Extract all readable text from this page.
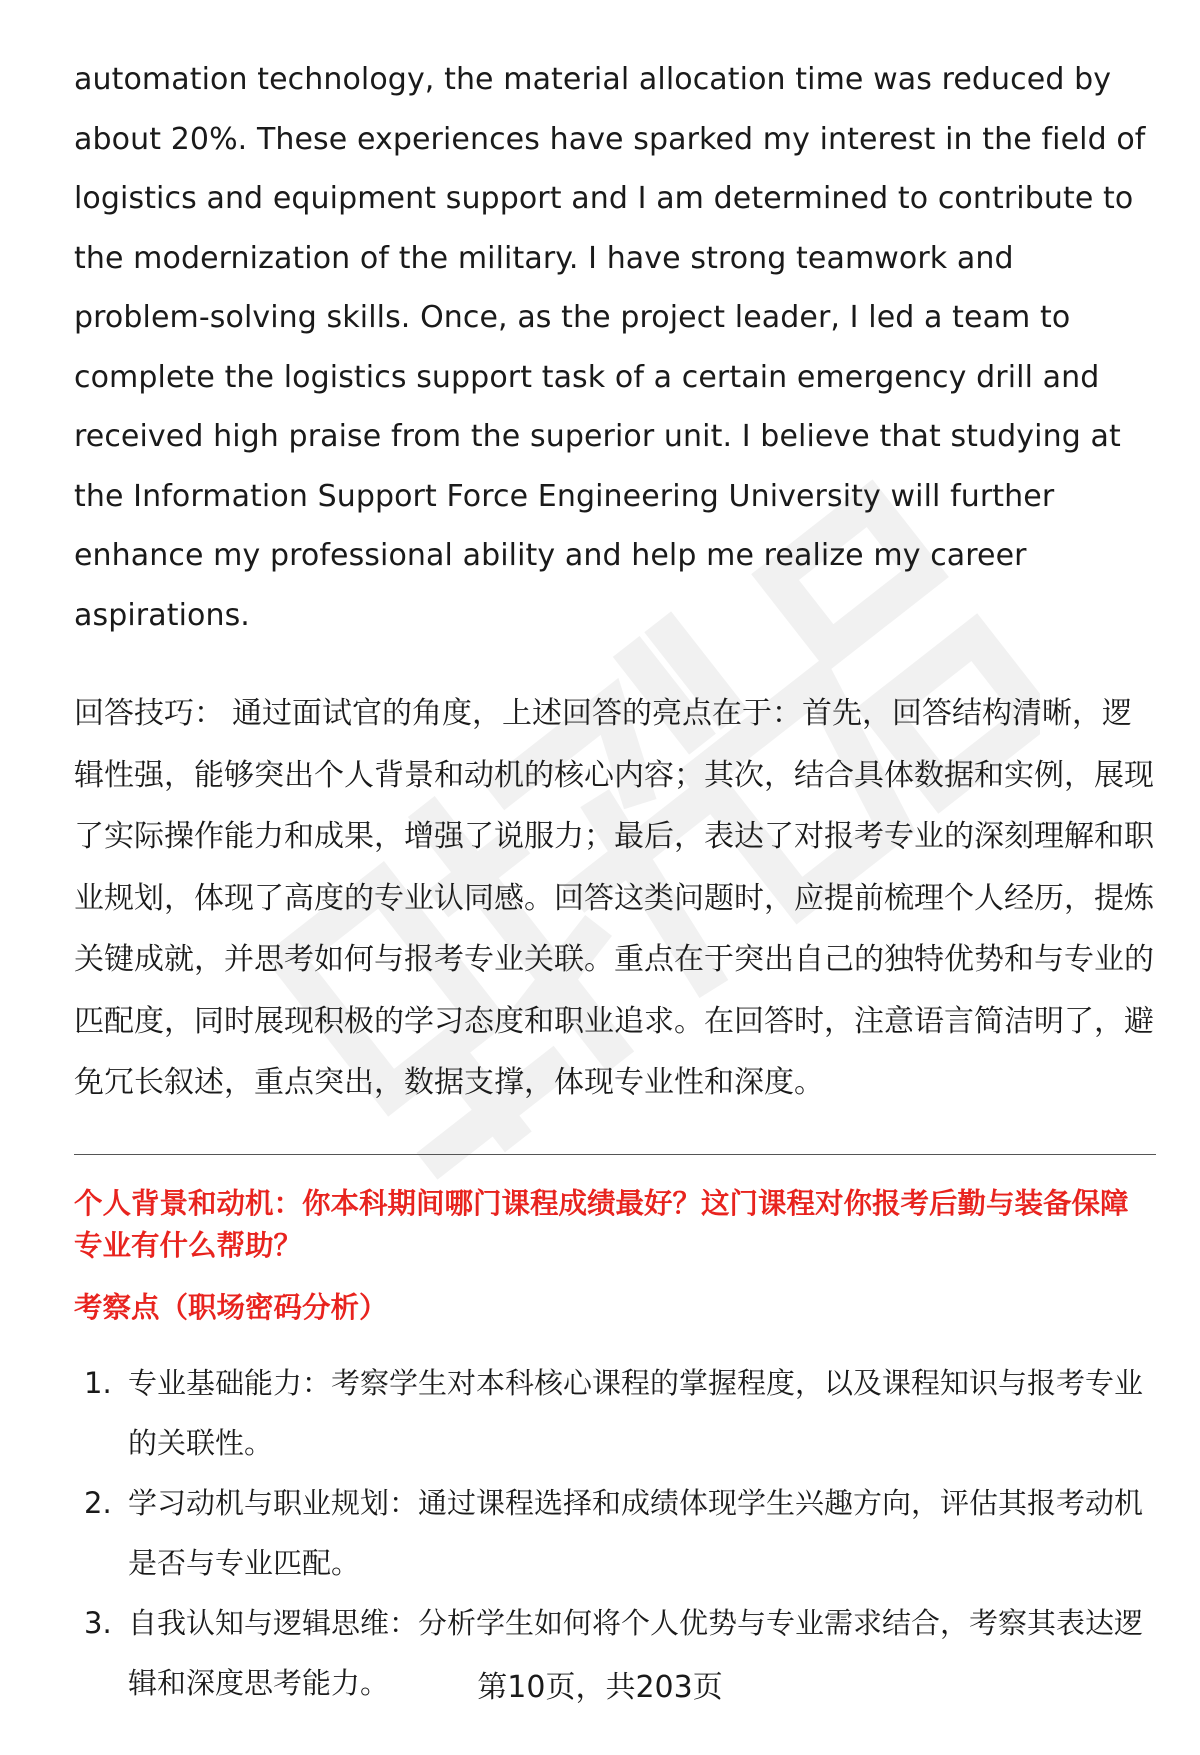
automation technology, the material allocation time was reduced by about 20%. These experiences have sparked my interest in the field of logistics and equipment support and I am determined to contribute to the modernization of the military. I have strong teamwork and problem-solving skills. Once, as the project leader, I led a team to complete the logistics support task of a certain emergency drill and received high praise from the superior unit. I believe that studying at the Information Support Force Engineering University will further enhance my professional ability and help me realize my career aspirations.

回答技巧： 通过面试官的角度，上述回答的亮点在于：首先，回答结构清晰，逻辑性强，能够突出个人背景和动机的核心内容；其次，结合具体数据和实例，展现了实际操作能力和成果，增强了说服力；最后，表达了对报考专业的深刻理解和职业规划，体现了高度的专业认同感。回答这类问题时，应提前梳理个人经历，提炼关键成就，并思考如何与报考专业关联。重点在于突出自己的独特优势和与专业的匹配度，同时展现积极的学习态度和职业追求。在回答时，注意语言简洁明了，避免冗长叙述，重点突出，数据支撑，体现专业性和深度。

个人背景和动机：你本科期间哪门课程成绩最好？这门课程对你报考后勤与装备保障专业有什么帮助？
考察点（职场密码分析）
1. 专业基础能力：考察学生对本科核心课程的掌握程度，以及课程知识与报考专业的关联性。
2. 学习动机与职业规划：通过课程选择和成绩体现学生兴趣方向，评估其报考动机是否与专业匹配。
3. 自我认知与逻辑思维：分析学生如何将个人优势与专业需求结合，考察其表达逻辑和深度思考能力。	第10页，共203页
